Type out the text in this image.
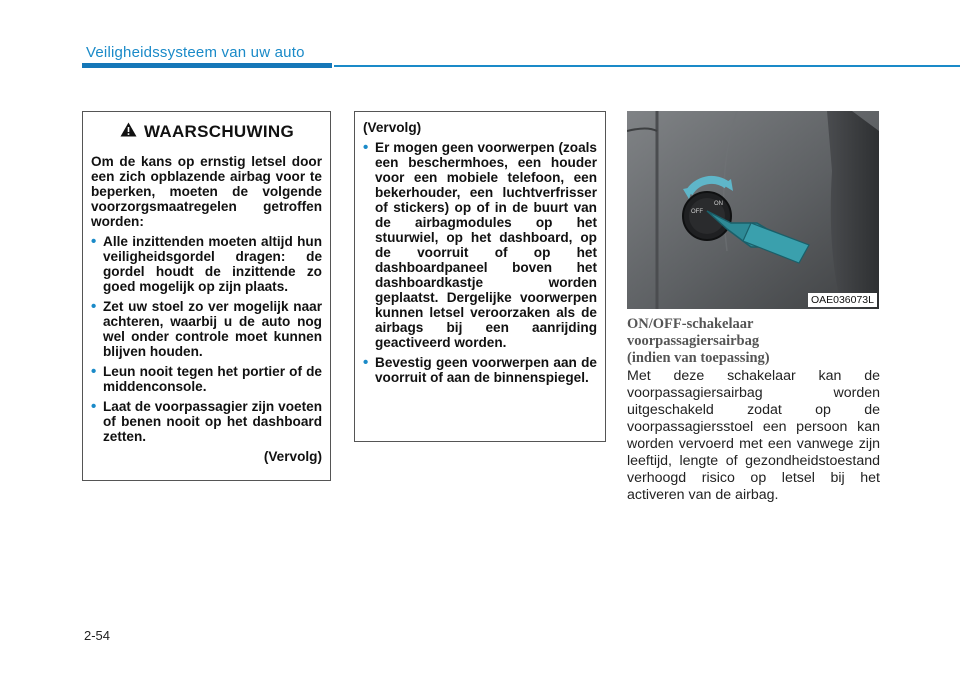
Veiligheidssysteem van uw auto
WAARSCHUWING

Om de kans op ernstig letsel door een zich opblazende airbag voor te beperken, moeten de volgende voorzorgsmaatregelen getroffen worden:

• Alle inzittenden moeten altijd hun veiligheidsgordel dragen: de gordel houdt de inzittende zo goed mogelijk op zijn plaats.
• Zet uw stoel zo ver mogelijk naar achteren, waarbij u de auto nog wel onder controle moet kunnen blijven houden.
• Leun nooit tegen het portier of de middenconsole.
• Laat de voorpassagier zijn voeten of benen nooit op het dashboard zetten.
(Vervolg)

(Vervolg)

• Er mogen geen voorwerpen (zoals een beschermhoes, een houder voor een mobiele telefoon, een bekerhouder, een luchtverfrisser of stickers) op of in de buurt van de airbagmodules op het stuurwiel, op het dashboard, op de voorruit of op het dashboardpaneel boven het dashboardkastje worden geplaatst. Dergelijke voorwerpen kunnen letsel veroorzaken als de airbags bij een aanrijding geactiveerd worden.
• Bevestig geen voorwerpen aan de voorruit of aan de binnenspiegel.
OFF
ON
OAE036073L
ON/OFF-schakelaar
voorpassagiersairbag
(indien van toepassing)
Met deze schakelaar kan de voorpassagiersairbag worden uitgeschakeld zodat op de voorpassagiersstoel een persoon kan worden vervoerd met een vanwege zijn leeftijd, lengte of gezondheidstoestand verhoogd risico op letsel bij het activeren van de airbag.
2-54
